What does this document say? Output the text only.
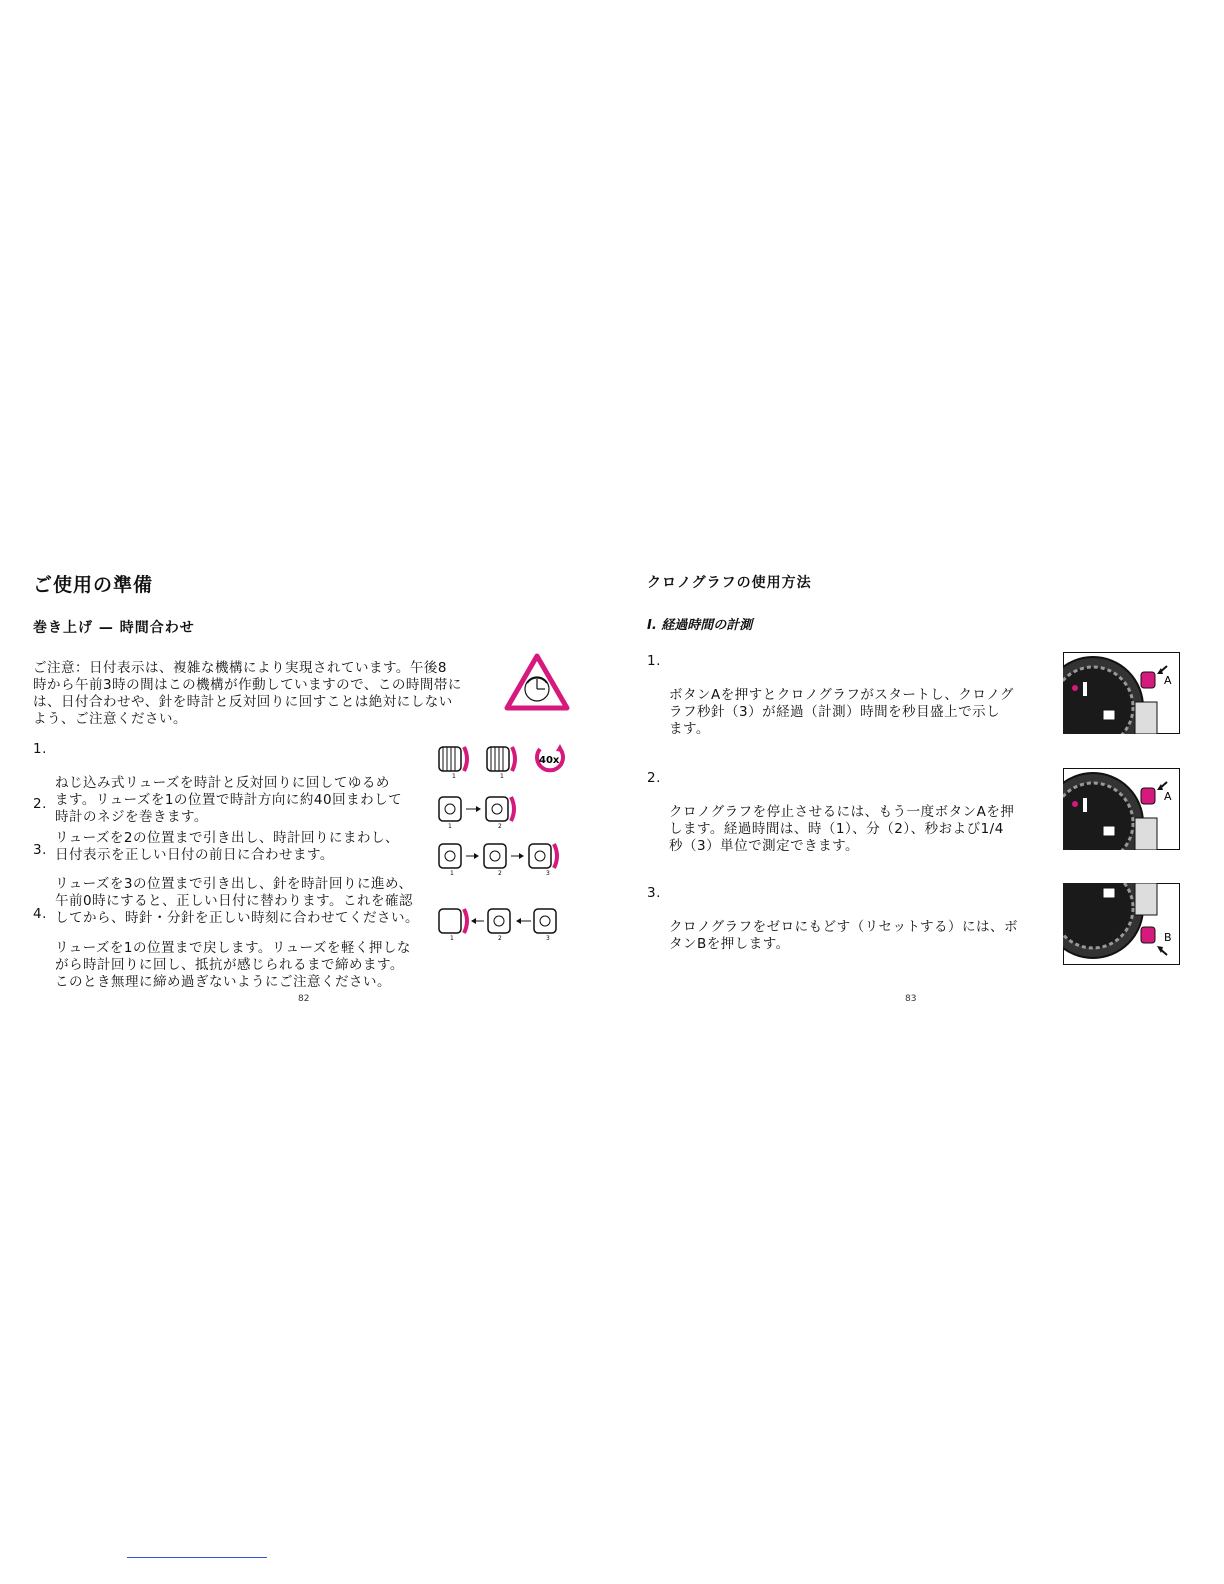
ご使用の準備
巻き上げ — 時間合わせ
ご注意：日付表示は、複雑な機構により実現されています。午後8
時から午前3時の間はこの機構が作動していますので、この時間帯に
は、日付合わせや、針を時計と反対回りに回すことは絶対にしない
よう、ご注意ください。

1.

ねじ込み式リューズを時計と反対回りに回してゆるめ
ます。リューズを1の位置で時計方向に約40回まわして
時計のネジを巻きます。

2.

リューズを2の位置まで引き出し、時計回りにまわし、
日付表示を正しい日付の前日に合わせます。

3.

リューズを3の位置まで引き出し、針を時計回りに進め、
午前0時にすると、正しい日付に替わります。これを確認
してから、時針・分針を正しい時刻に合わせてください。

4.

リューズを1の位置まで戻します。リューズを軽く押しな
がら時計回りに回し、抵抗が感じられるまで締めます。
このとき無理に締め過ぎないようにご注意ください。

1	1
40x
1	2
1	2	3
1	2	3
82
クロノグラフの使用方法
I. 経過時間の計測

1.

ボタンAを押すとクロノグラフがスタートし、クロノグ
ラフ秒針（3）が経過（計測）時間を秒目盛上で示し
ます。

2.

クロノグラフを停止させるには、もう一度ボタンAを押
します。経過時間は、時（1）、分（2）、秒および1/4
秒（3）単位で測定できます。

3.

クロノグラフをゼロにもどす（リセットする）には、ボ
タンBを押します。

A
A
B
83
